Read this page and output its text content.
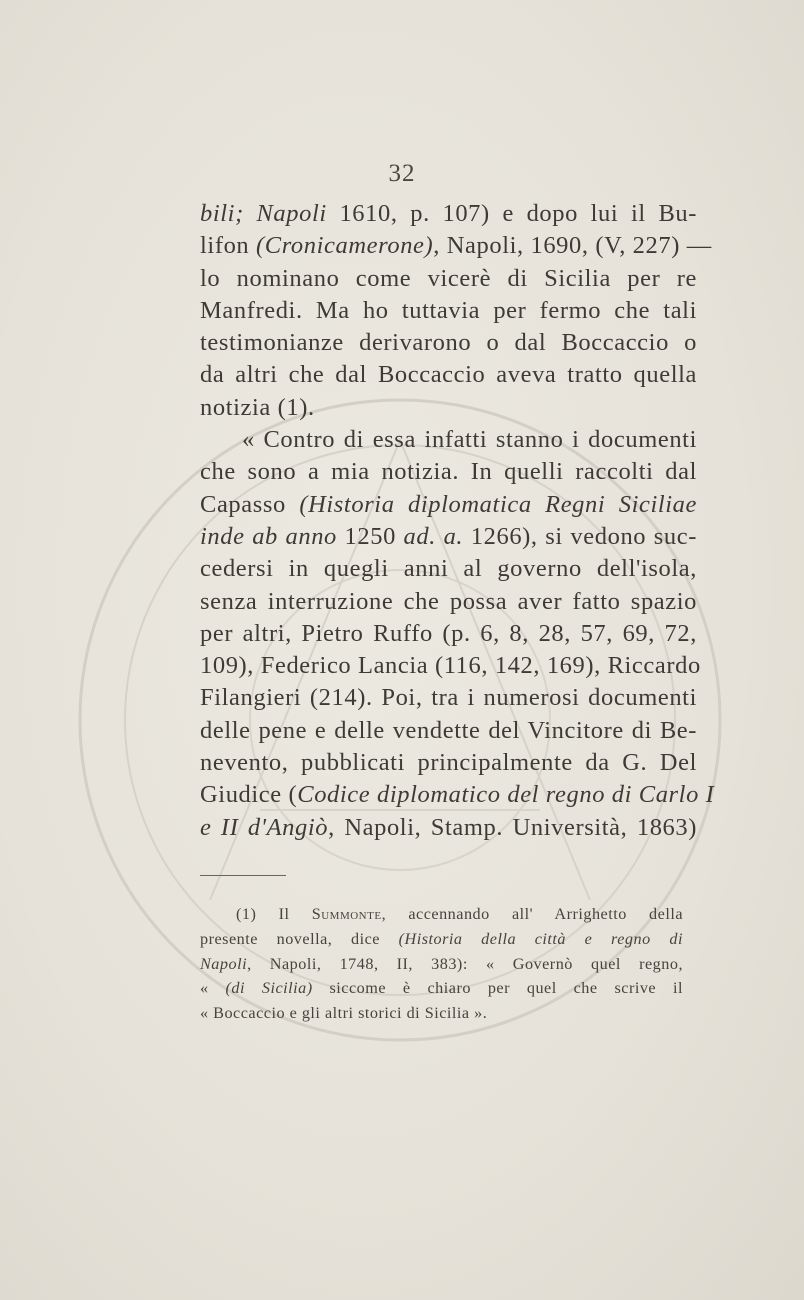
32
bili; Napoli 1610, p. 107) e dopo lui il Bu-
lifon (Cronicamerone), Napoli, 1690, (V, 227) —
lo nominano come vicerè di Sicilia per re
Manfredi. Ma ho tuttavia per fermo che tali
testimonianze derivarono o dal Boccaccio o
da altri che dal Boccaccio aveva tratto quella
notizia (1).
« Contro di essa infatti stanno i documenti
che sono a mia notizia. In quelli raccolti dal
Capasso (Historia diplomatica Regni Siciliae
inde ab anno 1250 ad. a. 1266), si vedono suc-
cedersi in quegli anni al governo dell'isola,
senza interruzione che possa aver fatto spazio
per altri, Pietro Ruffo (p. 6, 8, 28, 57, 69, 72,
109), Federico Lancia (116, 142, 169), Riccardo
Filangieri (214). Poi, tra i numerosi documenti
delle pene e delle vendette del Vincitore di Be-
nevento, pubblicati principalmente da G. Del
Giudice (Codice diplomatico del regno di Carlo I
e II d'Angiò, Napoli, Stamp. Università, 1863)
(1) Il Summonte, accennando all' Arrighetto della
presente novella, dice (Historia della città e regno di
Napoli, Napoli, 1748, II, 383): « Governò quel regno,
« (di Sicilia) siccome è chiaro per quel che scrive il
« Boccaccio e gli altri storici di Sicilia ».
